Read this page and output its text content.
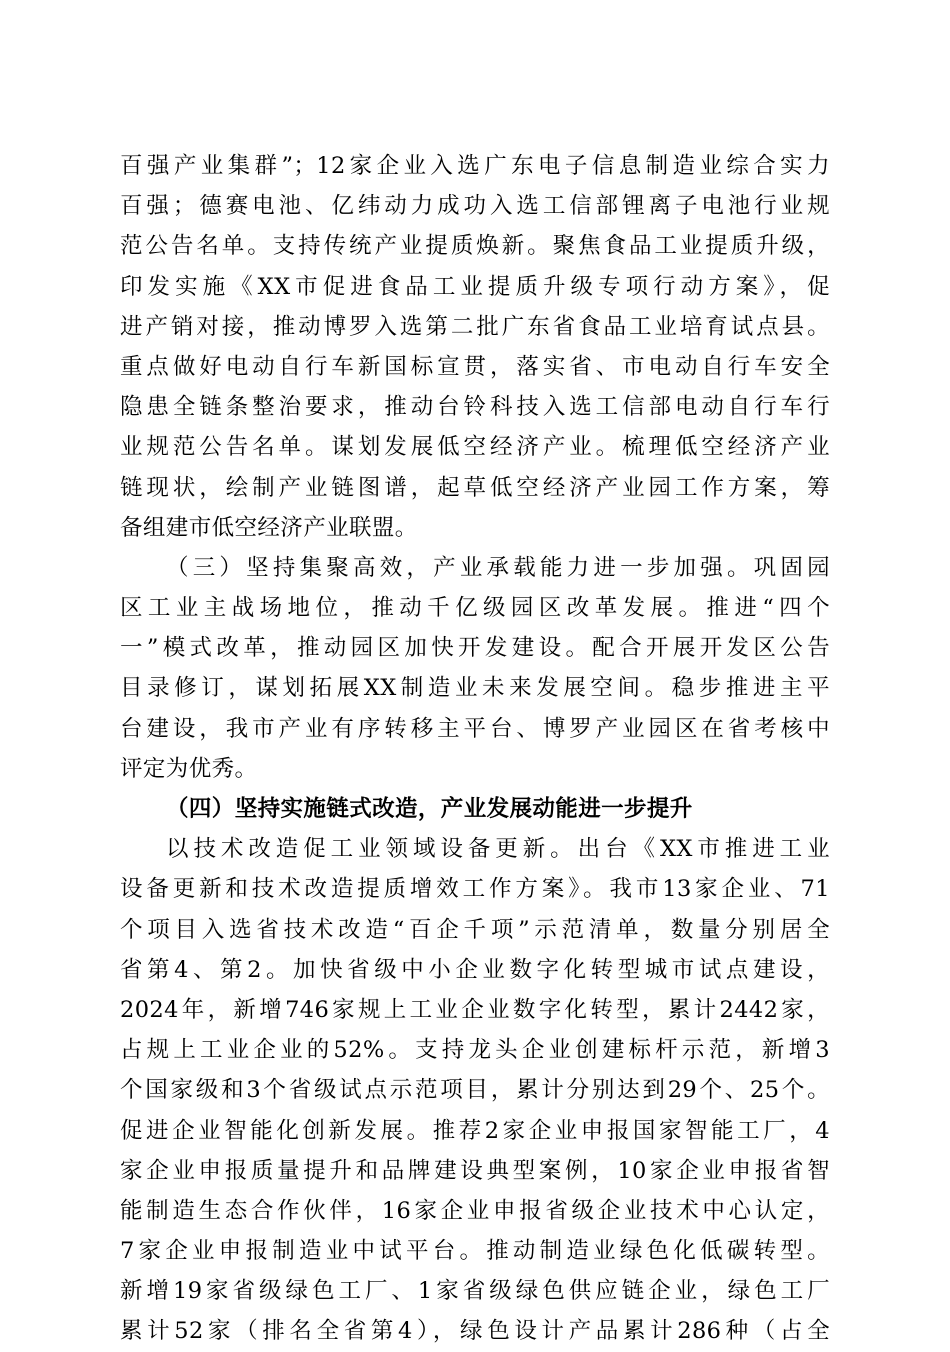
百强产业集群”；12家企业入选广东电子信息制造业综合实力
百强；德赛电池、亿纬动力成功入选工信部锂离子电池行业规
范公告名单。支持传统产业提质焕新。聚焦食品工业提质升级，
印发实施《XX市促进食品工业提质升级专项行动方案》，促
进产销对接，推动博罗入选第二批广东省食品工业培育试点县。
重点做好电动自行车新国标宣贯，落实省、市电动自行车安全
隐患全链条整治要求，推动台铃科技入选工信部电动自行车行
业规范公告名单。谋划发展低空经济产业。梳理低空经济产业
链现状，绘制产业链图谱，起草低空经济产业园工作方案，筹
备组建市低空经济产业联盟。
（三）坚持集聚高效，产业承载能力进一步加强。巩固园
区工业主战场地位，推动千亿级园区改革发展。推进“四个
一”模式改革，推动园区加快开发建设。配合开展开发区公告
目录修订，谋划拓展XX制造业未来发展空间。稳步推进主平
台建设，我市产业有序转移主平台、博罗产业园区在省考核中
评定为优秀。
（四）坚持实施链式改造，产业发展动能进一步提升
以技术改造促工业领域设备更新。出台《XX市推进工业
设备更新和技术改造提质增效工作方案》。我市13家企业、71
个项目入选省技术改造“百企千项”示范清单，数量分别居全
省第4、第2。加快省级中小企业数字化转型城市试点建设，
2024年，新增746家规上工业企业数字化转型，累计2442家，
占规上工业企业的52%。支持龙头企业创建标杆示范，新增3
个国家级和3个省级试点示范项目，累计分别达到29个、25个。
促进企业智能化创新发展。推荐2家企业申报国家智能工厂，4
家企业申报质量提升和品牌建设典型案例，10家企业申报省智
能制造生态合作伙伴，16家企业申报省级企业技术中心认定，
7家企业申报制造业中试平台。推动制造业绿色化低碳转型。
新增19家省级绿色工厂、1家省级绿色供应链企业，绿色工厂
累计52家（排名全省第4），绿色设计产品累计286种（占全
